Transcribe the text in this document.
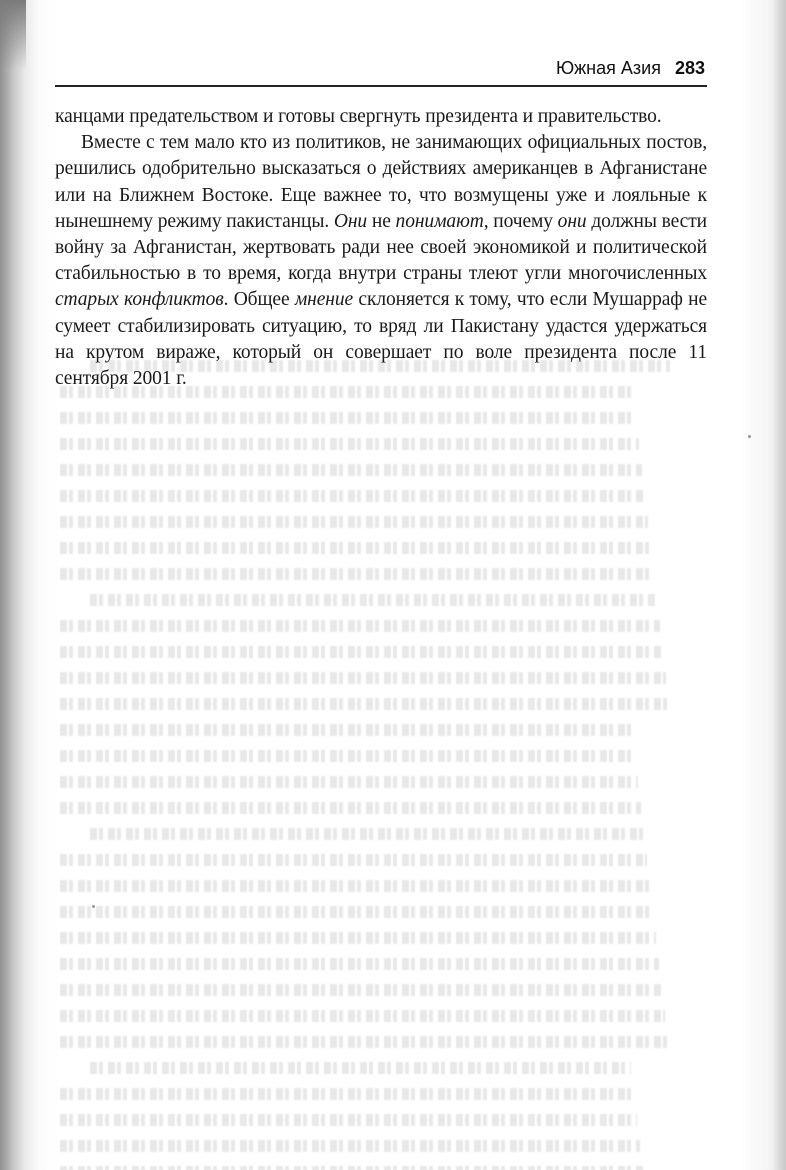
Южная Азия 283

канцами предательством и готовы свергнуть президента и правительство.

Вместе с тем мало кто из политиков, не занимающих официальных постов, решились одобрительно высказаться о действиях американцев в Афганистане или на Ближнем Востоке. Еще важнее то, что возмущены уже и лояльные к нынешнему режиму пакистанцы. Они не понимают, почему они должны вести войну за Афганистан, жертвовать ради нее своей экономикой и политической стабильностью в то время, когда внутри страны тлеют угли многочисленных старых конфликтов. Общее мнение склоняется к тому, что если Мушарраф не сумеет стабилизировать ситуацию, то вряд ли Пакистану удастся удержаться на крутом вираже, который он совершает по воле президента после 11 сентября 2001 г.
